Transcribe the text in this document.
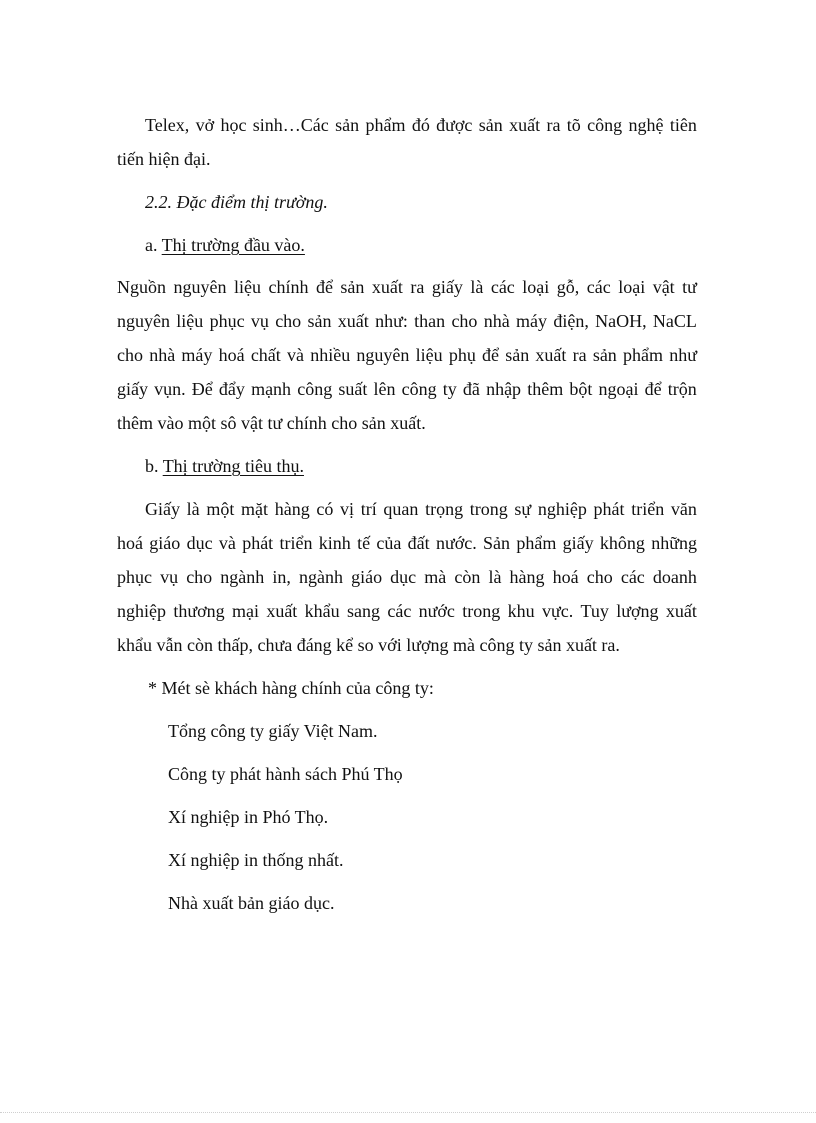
Telex, vở học sinh…Các sản phẩm đó được sản xuất ra tõ công nghệ tiên
tiến hiện đại.
2.2. Đặc điểm thị trường.
a. Thị trường đầu vào.
Nguồn nguyên liệu chính để sản xuất ra giấy là các loại gỗ, các loại vật tư
nguyên liệu phục vụ cho sản xuất như: than cho nhà máy điện, NaOH, NaCL
cho nhà máy hoá chất và nhiều nguyên liệu phụ để sản xuất ra sản phẩm như
giấy vụn. Để đẩy mạnh công suất lên công ty đã nhập thêm bột ngoại để trộn
thêm vào một sô vật tư chính cho sản xuất.
b. Thị trường tiêu thụ.
Giấy là một mặt hàng có vị trí quan trọng trong sự nghiệp phát triển văn
hoá giáo dục và phát triển kinh tế của đất nước. Sản phẩm giấy không những
phục vụ cho ngành in, ngành giáo dục mà còn là hàng hoá cho các doanh
nghiệp thương mại xuất khẩu sang các nước trong khu vực. Tuy lượng xuất
khẩu vẫn còn thấp, chưa đáng kể so với lượng mà công ty sản xuất ra.
* Mét sè khách hàng chính của công ty:
Tổng công ty giấy Việt Nam.
Công ty phát hành sách Phú Thọ
Xí nghiệp in Phó Thọ.
Xí nghiệp in thống nhất.
Nhà xuất bản giáo dục.
